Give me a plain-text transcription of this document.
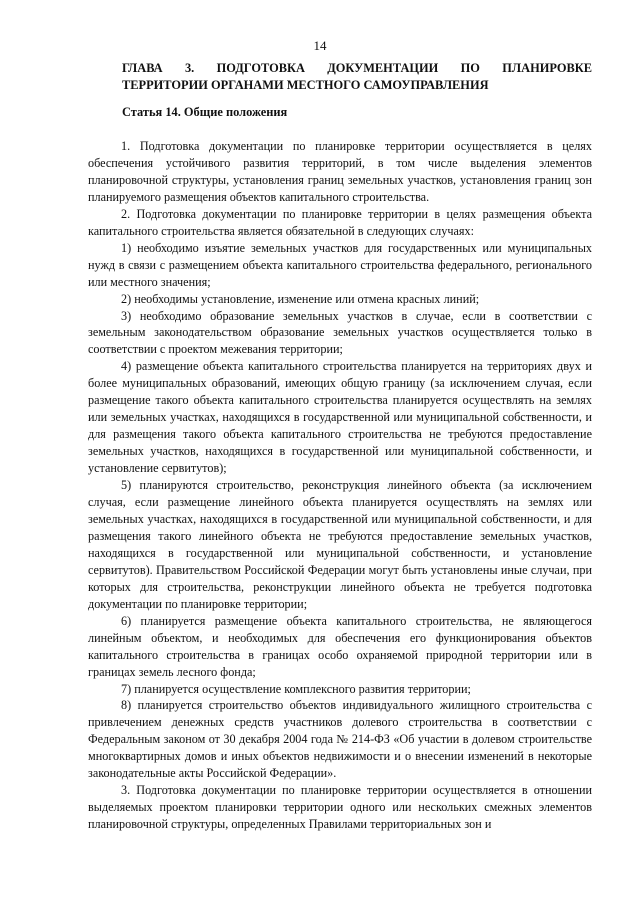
14
ГЛАВА 3. ПОДГОТОВКА ДОКУМЕНТАЦИИ ПО ПЛАНИРОВКЕ
ТЕРРИТОРИИ ОРГАНАМИ МЕСТНОГО САМОУПРАВЛЕНИЯ
Статья 14. Общие положения

1. Подготовка документации по планировке территории осуществляется в целях обеспечения устойчивого развития территорий, в том числе выделения элементов планировочной структуры, установления границ земельных участков, установления границ зон планируемого размещения объектов капитального строительства.

2. Подготовка документации по планировке территории в целях размещения объекта капитального строительства является обязательной в следующих случаях:

1) необходимо изъятие земельных участков для государственных или муниципальных нужд в связи с размещением объекта капитального строительства федерального, регионального или местного значения;

2) необходимы установление, изменение или отмена красных линий;

3) необходимо образование земельных участков в случае, если в соответствии с земельным законодательством образование земельных участков осуществляется только в соответствии с проектом межевания территории;

4) размещение объекта капитального строительства планируется на территориях двух и более муниципальных образований, имеющих общую границу (за исключением случая, если размещение такого объекта капитального строительства планируется осуществлять на землях или земельных участках, находящихся в государственной или муниципальной собственности, и для размещения такого объекта капитального строительства не требуются предоставление земельных участков, находящихся в государственной или муниципальной собственности, и установление сервитутов);

5) планируются строительство, реконструкция линейного объекта (за исключением случая, если размещение линейного объекта планируется осуществлять на землях или земельных участках, находящихся в государственной или муниципальной собственности, и для размещения такого линейного объекта не требуются предоставление земельных участков, находящихся в государственной или муниципальной собственности, и установление сервитутов). Правительством Российской Федерации могут быть установлены иные случаи, при которых для строительства, реконструкции линейного объекта не требуется подготовка документации по планировке территории;

6) планируется размещение объекта капитального строительства, не являющегося линейным объектом, и необходимых для обеспечения его функционирования объектов капитального строительства в границах особо охраняемой природной территории или в границах земель лесного фонда;

7) планируется осуществление комплексного развития территории;

8) планируется строительство объектов индивидуального жилищного строительства с привлечением денежных средств участников долевого строительства в соответствии с Федеральным законом от 30 декабря 2004 года № 214-ФЗ «Об участии в долевом строительстве многоквартирных домов и иных объектов недвижимости и о внесении изменений в некоторые законодательные акты Российской Федерации».

3. Подготовка документации по планировке территории осуществляется в отношении выделяемых проектом планировки территории одного или нескольких смежных элементов планировочной структуры, определенных Правилами территориальных зон и
